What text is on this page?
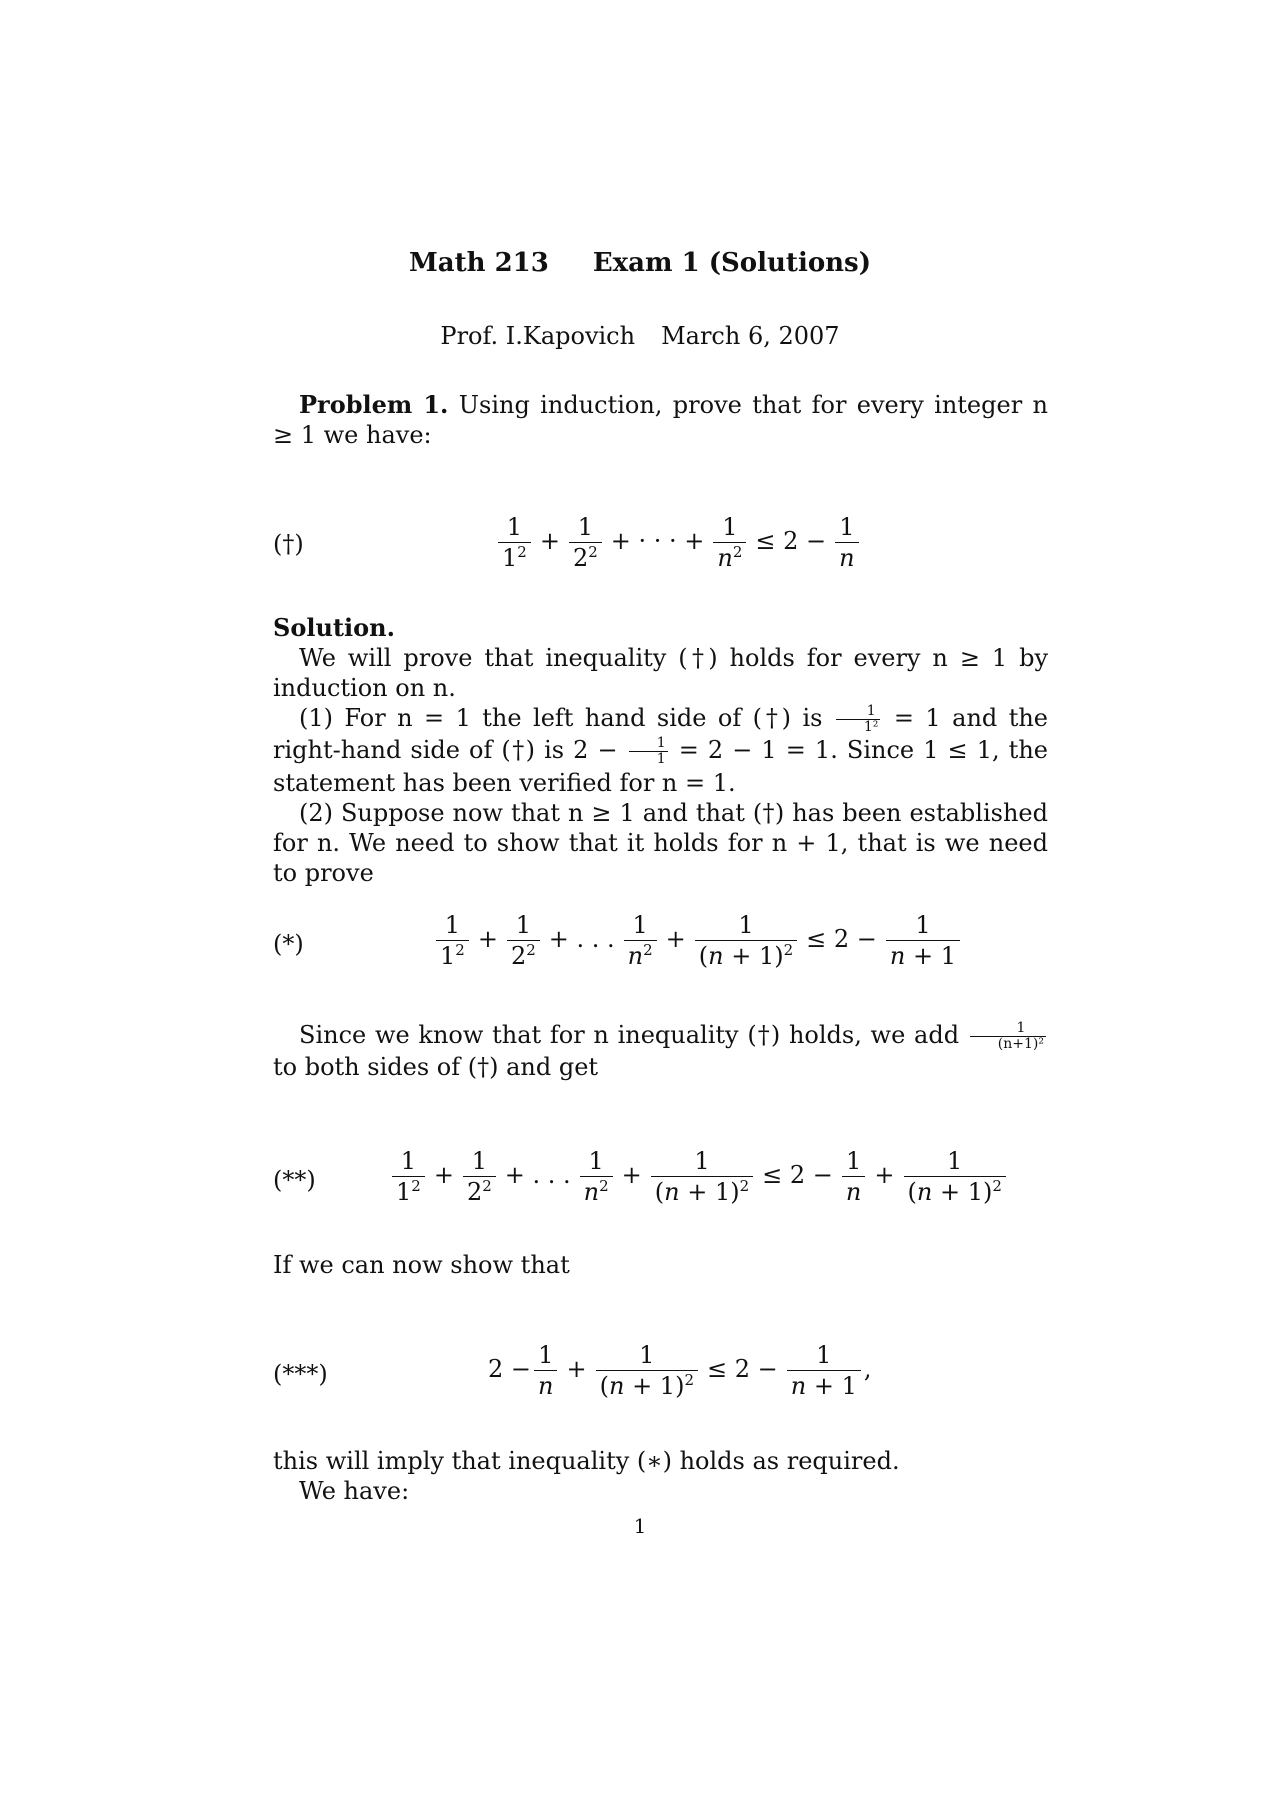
Math 213 Exam 1 (Solutions)
Prof. I.Kapovich March 6, 2007

Problem 1. Using induction, prove that for every integer n ≥ 1 we have:

(†)	$\frac{1}{1^2} + \frac{1}{2^2}$ + · · · + $\frac{1}{n^2} \le 2 - \frac{1}{n}$

Solution.

We will prove that inequality (†) holds for every n ≥ 1 by induction on n.

(1) For n = 1 the left hand side of (†) is $\frac{1}{\text{1²}} = 1$ and the right-hand side of (†) is $2 - \frac{1}{1} = 2 - 1 = 1$. Since 1 ≤ 1, the statement has been verified for n = 1.

(2) Suppose now that n ≥ 1 and that (†) has been established for n. We need to show that it holds for n + 1, that is we need to prove

(*)	$\frac{1}{1^2} + \frac{1}{2^2}$ + . . . $\frac{1}{n^2} + \frac{1}{(n + 1)^2} \le 2 - \frac{1}{n + 1}$

Since we know that for n inequality (†) holds, we add $\frac{1}{\text{(n+1)²}}$
to both sides of (†) and get

(**)	$\frac{1}{1^2} + \frac{1}{2^2}$ + . . . $\frac{1}{n^2} + \frac{1}{(n + 1)^2} \le 2 - \frac{1}{n} + \frac{1}{(n + 1)^2}$

If we can now show that

(***)	$2 - \frac{1}{n} + \frac{1}{(n + 1)^2} \le 2 - \frac{1}{n + 1}$ ,

this will imply that inequality (∗) holds as required.

We have:

1
